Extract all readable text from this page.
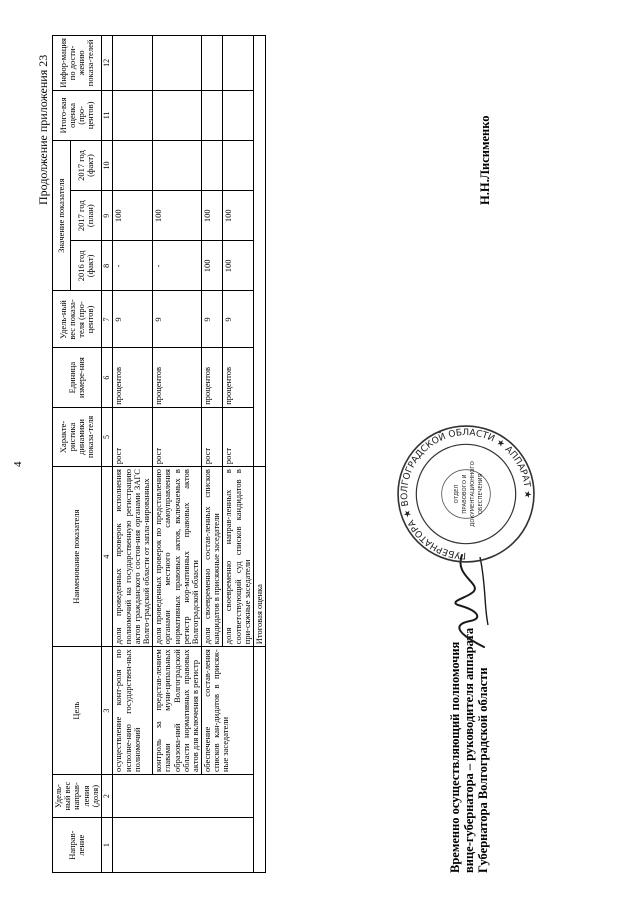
4
Продолжение приложения 23
Направ-ление	Удель-ный вес направ-ления (доля)	Цель	Наименование показателя	Характе-ристика динамики показа-теля	Единица измере-ния	Удель-ный вес показа-теля (про-центов)	Значение показателя			Итого-вая оценка (про-центов)	Инфор-мация по дости-жению показа-телей
							2016 год (факт)	2017 год (план)	2017 год (факт)		
1	2	3	4	5	6	7	8	9	10	11	12
		осуществление конт-роля по исполне-нию государствен-ных полномочий	доля проведенных проверок исполнения полномочий на государственную регистрацию актов гражданского состоя-ния органами ЗАГС Волго-градской области от запла-нированных	рост	процентов	9	-	100			
		контроль за представ-лением главами муни-ципальных образова-ний Волгоградской области нормативных правовых актов для включения в регистр	доля проведенных проверок по представлению органами местного самоуправления нормативных правовых актов, включаемых в регистр нор-мативных правовых актов Волгоградской области	рост	процентов	9	-	100			
		обеспечение состав-ления списков кан-дидатов в присяж-ные заседатели	доля своевременно состав-ленных списков кандидатов в присяжные заседатели	рост	процентов	9	100	100			
			доля своевременно направ-ленных в соответствующий суд списков кандидатов в при-сяжные заседатели	рост	процентов	9	100	100			
			Итоговая оценка								
Временно осуществляющий полномочия вице-губернатора – руководителя аппарата Губернатора Волгоградской области
ГУБЕРНАТОРА ★ ВОЛГОГРАДСКОЙ ОБЛАСТИ ★ АППАРАТ ★
ОТДЕЛ ПРАВОВОГО И ДОКУМЕНТАЦИОННОГО ОБЕСПЕЧЕНИЯ
Н.Н.Лисименко
